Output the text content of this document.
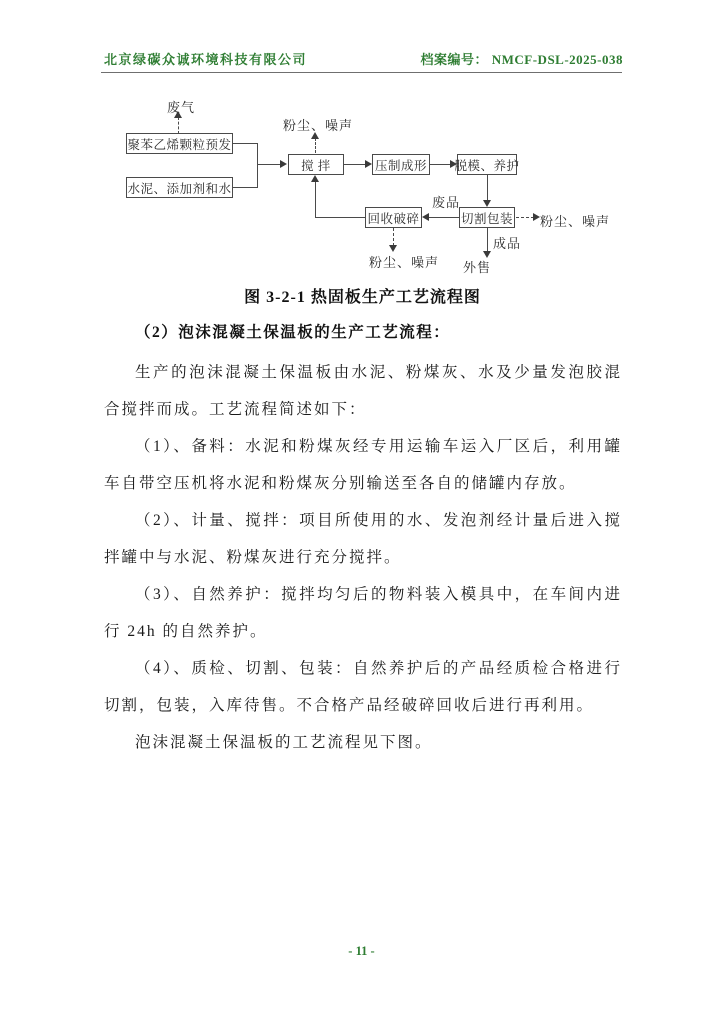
北京绿碳众诚环境科技有限公司	档案编号： NMCF-DSL-2025-038
废气
聚苯乙烯颗粒预发
水泥、添加剂和水
粉尘、噪声
搅 拌	压制成形 脱模、养护
切割包装
回收破碎
废品
粉尘、噪声
粉尘、噪声
成品
外售
图 3-2-1 热固板生产工艺流程图
（2）泡沫混凝土保温板的生产工艺流程：

生产的泡沫混凝土保温板由水泥、粉煤灰、水及少量发泡胶混合搅拌而成。工艺流程简述如下：

（1）、备料：水泥和粉煤灰经专用运输车运入厂区后，利用罐车自带空压机将水泥和粉煤灰分别输送至各自的储罐内存放。

（2）、计量、搅拌：项目所使用的水、发泡剂经计量后进入搅拌罐中与水泥、粉煤灰进行充分搅拌。

（3）、自然养护：搅拌均匀后的物料装入模具中，在车间内进行 24h 的自然养护。

（4）、质检、切割、包装：自然养护后的产品经质检合格进行切割，包装，入库待售。不合格产品经破碎回收后进行再利用。

泡沫混凝土保温板的工艺流程见下图。

- 11 -
